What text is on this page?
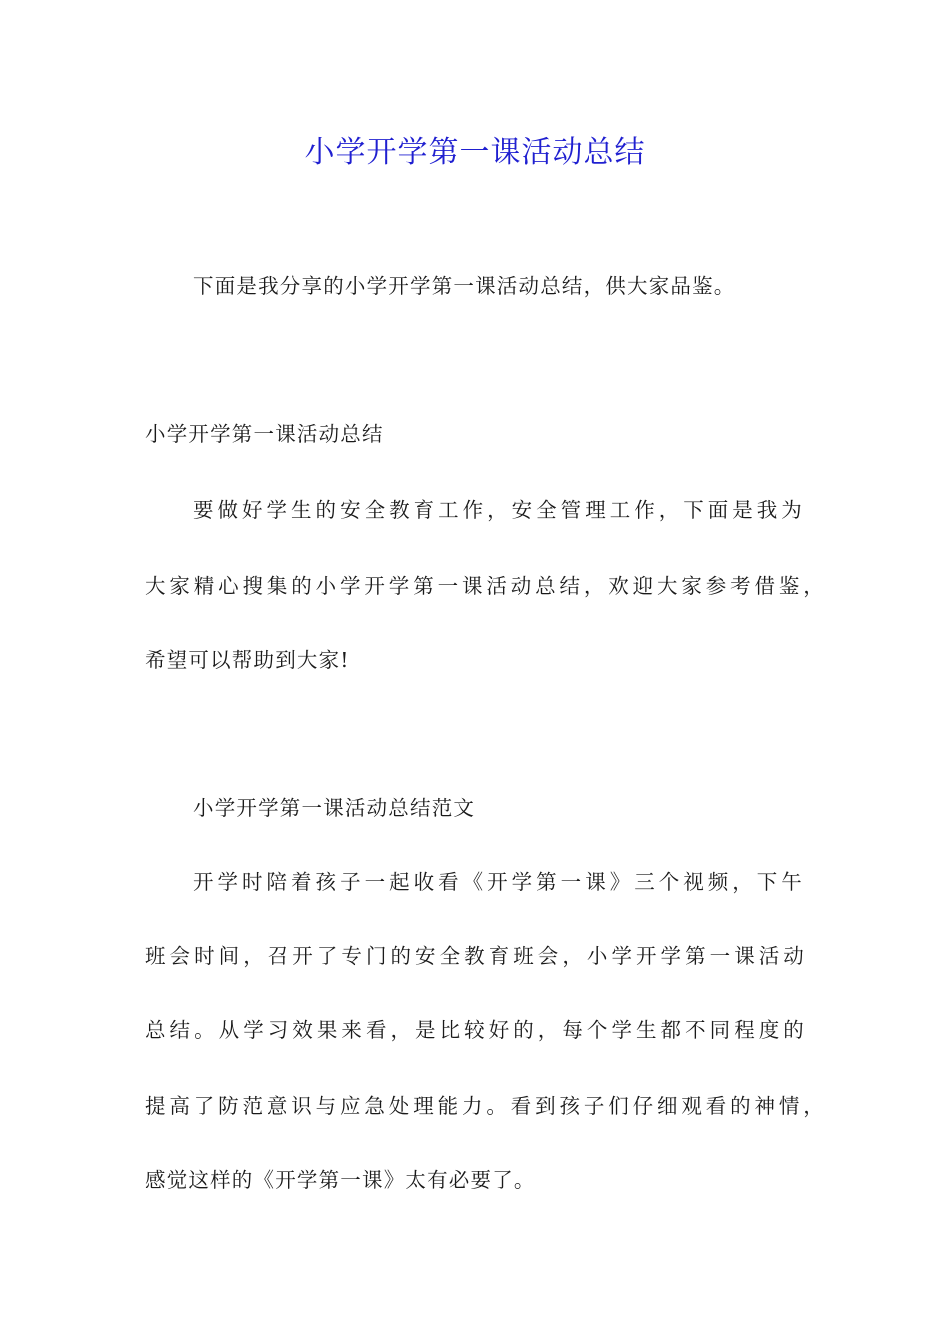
小学开学第一课活动总结

下面是我分享的小学开学第一课活动总结，供大家品鉴。

小学开学第一课活动总结

要做好学生的安全教育工作，安全管理工作，下面是我为

大家精心搜集的小学开学第一课活动总结，欢迎大家参考借鉴，

希望可以帮助到大家!

小学开学第一课活动总结范文

开学时陪着孩子一起收看《开学第一课》三个视频，下午

班会时间，召开了专门的安全教育班会，小学开学第一课活动

总结。从学习效果来看，是比较好的，每个学生都不同程度的

提高了防范意识与应急处理能力。看到孩子们仔细观看的神情，

感觉这样的《开学第一课》太有必要了。
